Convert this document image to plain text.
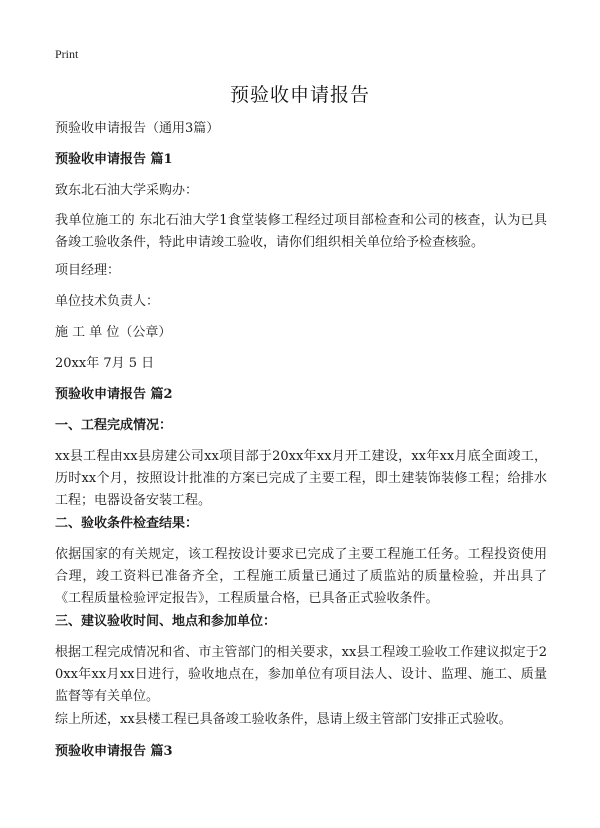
Print
预验收申请报告
预验收申请报告（通用3篇）
预验收申请报告 篇1
致东北石油大学采购办：
我单位施工的 东北石油大学1食堂装修工程经过项目部检查和公司的核查，认为已具备竣工验收条件，特此申请竣工验收，请你们组织相关单位给予检查核验。
项目经理：
单位技术负责人：
施 工 单 位（公章）
20xx年 7月 5 日
预验收申请报告 篇2
一、工程完成情况：
xx县工程由xx县房建公司xx项目部于20xx年xx月开工建设，xx年xx月底全面竣工，历时xx个月，按照设计批准的方案已完成了主要工程，即土建装饰装修工程；给排水工程；电器设备安装工程。
二、验收条件检查结果：
依据国家的有关规定，该工程按设计要求已完成了主要工程施工任务。工程投资使用合理，竣工资料已准备齐全，工程施工质量已通过了质监站的质量检验，并出具了《工程质量检验评定报告》，工程质量合格，已具备正式验收条件。
三、建议验收时间、地点和参加单位：
根据工程完成情况和省、市主管部门的相关要求，xx县工程竣工验收工作建议拟定于20xx年xx月xx日进行，验收地点在，参加单位有项目法人、设计、监理、施工、质量监督等有关单位。
综上所述，xx县楼工程已具备竣工验收条件，恳请上级主管部门安排正式验收。
预验收申请报告 篇3
